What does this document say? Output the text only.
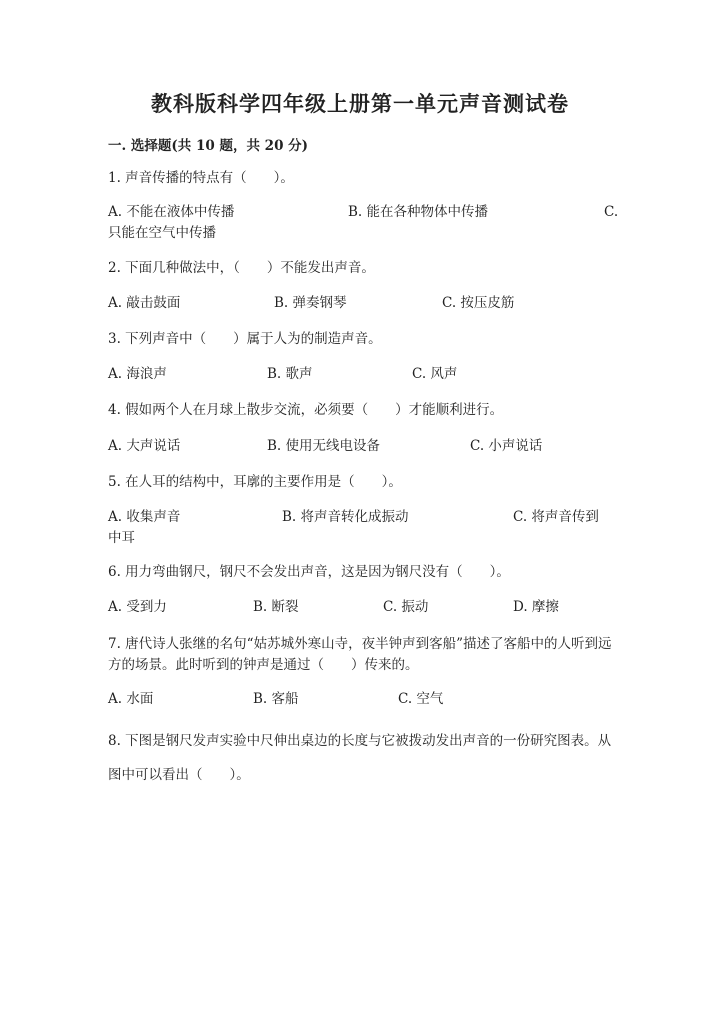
教科版科学四年级上册第一单元声音测试卷
一. 选择题(共 10 题，共 20 分)
1. 声音传播的特点有（　　）。
A. 不能在液体中传播	B. 能在各种物体中传播	C.
只能在空气中传播
2. 下面几种做法中，（　　）不能发出声音。
A. 敲击鼓面	B. 弹奏钢琴	C. 按压皮筋
3. 下列声音中（　　）属于人为的制造声音。
A. 海浪声	B. 歌声	C. 风声
4. 假如两个人在月球上散步交流，必须要（　　）才能顺利进行。
A. 大声说话	B. 使用无线电设备	C. 小声说话
5. 在人耳的结构中，耳廓的主要作用是（　　）。
A. 收集声音	B. 将声音转化成振动	C. 将声音传到
中耳
6. 用力弯曲钢尺，钢尺不会发出声音，这是因为钢尺没有（　　）。
A. 受到力	B. 断裂	C. 振动	D. 摩擦
7. 唐代诗人张继的名句“姑苏城外寒山寺，夜半钟声到客船”描述了客船中的人听到远方的场景。此时听到的钟声是通过（　　）传来的。
A. 水面	B. 客船	C. 空气
8. 下图是钢尺发声实验中尺伸出桌边的长度与它被拨动发出声音的一份研究图表。从图中可以看出（　　）。
